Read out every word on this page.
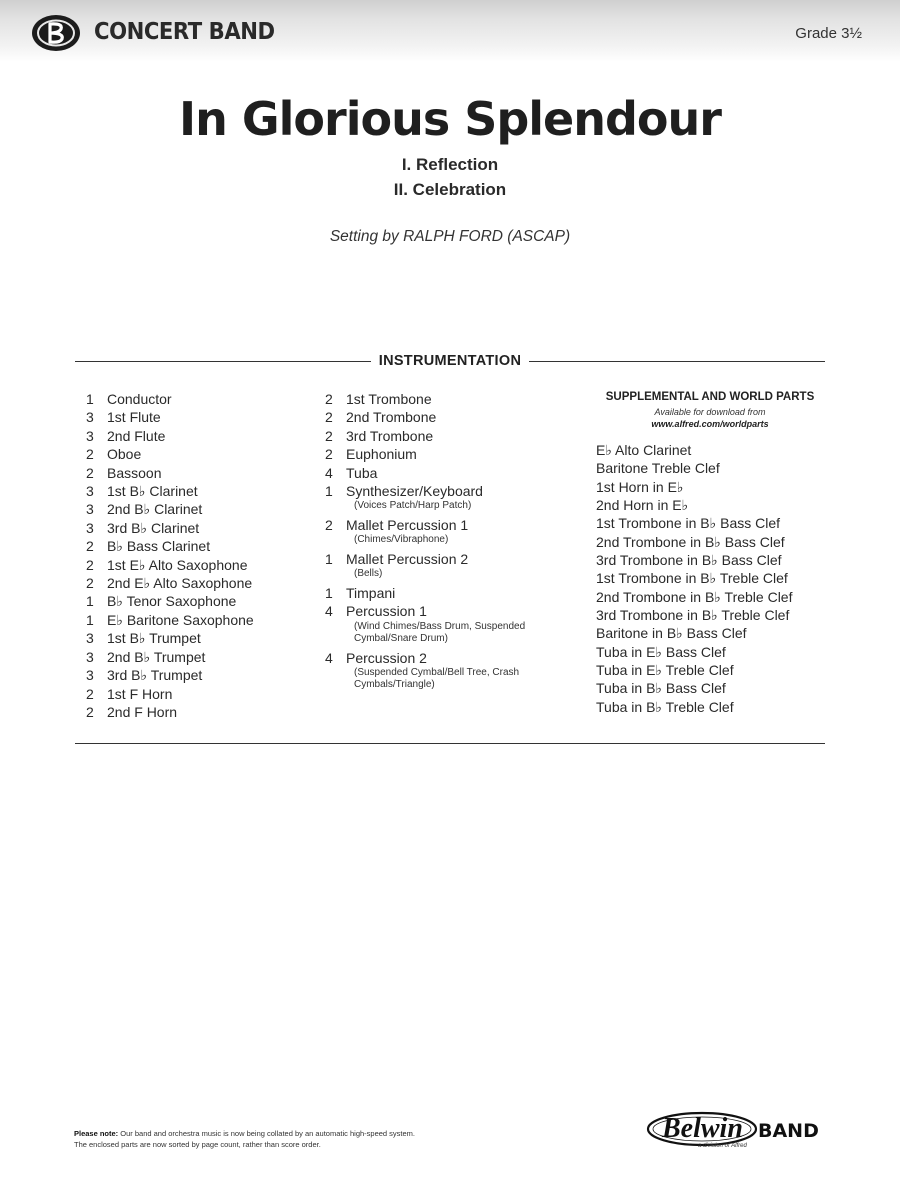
CONCERT BAND	Grade 3½
In Glorious Splendour
I. Reflection
II. Celebration
Setting by RALPH FORD (ASCAP)
INSTRUMENTATION
1 Conductor
3 1st Flute
3 2nd Flute
2 Oboe
2 Bassoon
3 1st B♭ Clarinet
3 2nd B♭ Clarinet
3 3rd B♭ Clarinet
2 B♭ Bass Clarinet
2 1st E♭ Alto Saxophone
2 2nd E♭ Alto Saxophone
1 B♭ Tenor Saxophone
1 E♭ Baritone Saxophone
3 1st B♭ Trumpet
3 2nd B♭ Trumpet
3 3rd B♭ Trumpet
2 1st F Horn
2 2nd F Horn
2 1st Trombone
2 2nd Trombone
2 3rd Trombone
2 Euphonium
4 Tuba
1 Synthesizer/Keyboard
(Voices Patch/Harp Patch)
2 Mallet Percussion 1
(Chimes/Vibraphone)
1 Mallet Percussion 2
(Bells)
1 Timpani
4 Percussion 1
(Wind Chimes/Bass Drum, Suspended
Cymbal/Snare Drum)
4 Percussion 2
(Suspended Cymbal/Bell Tree, Crash
Cymbals/Triangle)
SUPPLEMENTAL AND WORLD PARTS
Available for download from
www.alfred.com/worldparts
E♭ Alto Clarinet
Baritone Treble Clef
1st Horn in E♭
2nd Horn in E♭
1st Trombone in B♭ Bass Clef
2nd Trombone in B♭ Bass Clef
3rd Trombone in B♭ Bass Clef
1st Trombone in B♭ Treble Clef
2nd Trombone in B♭ Treble Clef
3rd Trombone in B♭ Treble Clef
Baritone in B♭ Bass Clef
Tuba in E♭ Bass Clef
Tuba in E♭ Treble Clef
Tuba in B♭ Bass Clef
Tuba in B♭ Treble Clef
Please note: Our band and orchestra music is now being collated by an automatic high-speed system.
The enclosed parts are now sorted by page count, rather than score order.
Belwin BAND
a division of Alfred
